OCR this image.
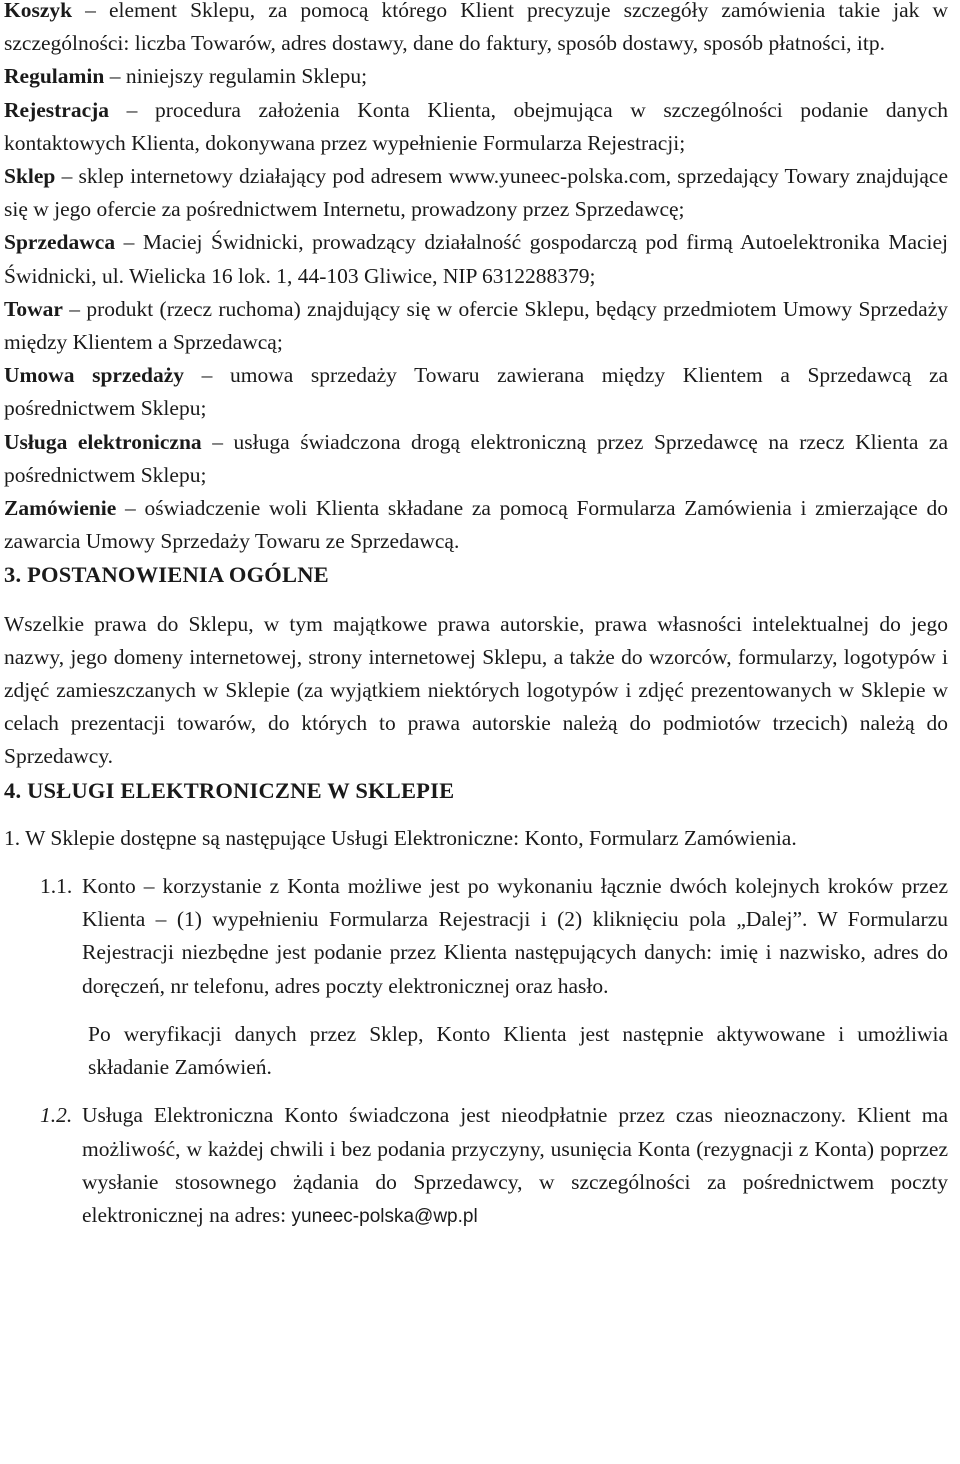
Koszyk – element Sklepu, za pomocą którego Klient precyzuje szczegóły zamówienia takie jak w szczególności: liczba Towarów, adres dostawy, dane do faktury, sposób dostawy, sposób płatności, itp.

Regulamin – niniejszy regulamin Sklepu;

Rejestracja – procedura założenia Konta Klienta, obejmująca w szczególności podanie danych kontaktowych Klienta, dokonywana przez wypełnienie Formularza Rejestracji;

Sklep – sklep internetowy działający pod adresem www.yuneec-polska.com, sprzedający Towary znajdujące się w jego ofercie za pośrednictwem Internetu, prowadzony przez Sprzedawcę;

Sprzedawca – Maciej Świdnicki, prowadzący działalność gospodarczą pod firmą Autoelektronika Maciej Świdnicki, ul. Wielicka 16 lok. 1, 44-103 Gliwice, NIP 6312288379;

Towar – produkt (rzecz ruchoma) znajdujący się w ofercie Sklepu, będący przedmiotem Umowy Sprzedaży między Klientem a Sprzedawcą;

Umowa sprzedaży – umowa sprzedaży Towaru zawierana między Klientem a Sprzedawcą za pośrednictwem Sklepu;

Usługa elektroniczna – usługa świadczona drogą elektroniczną przez Sprzedawcę na rzecz Klienta za pośrednictwem Sklepu;

Zamówienie – oświadczenie woli Klienta składane za pomocą Formularza Zamówienia i zmierzające do zawarcia Umowy Sprzedaży Towaru ze Sprzedawcą.

3. POSTANOWIENIA OGÓLNE

Wszelkie prawa do Sklepu, w tym majątkowe prawa autorskie, prawa własności intelektualnej do jego nazwy, jego domeny internetowej, strony internetowej Sklepu, a także do wzorców, formularzy, logotypów i zdjęć zamieszczanych w Sklepie (za wyjątkiem niektórych logotypów i zdjęć prezentowanych w Sklepie w celach prezentacji towarów, do których to prawa autorskie należą do podmiotów trzecich) należą do Sprzedawcy.

4. USŁUGI ELEKTRONICZNE W SKLEPIE

1. W Sklepie dostępne są następujące Usługi Elektroniczne: Konto, Formularz Zamówienia.

1.1. Konto – korzystanie z Konta możliwe jest po wykonaniu łącznie dwóch kolejnych kroków przez Klienta – (1) wypełnieniu Formularza Rejestracji i (2) kliknięciu pola „Dalej”. W Formularzu Rejestracji niezbędne jest podanie przez Klienta następujących danych: imię i nazwisko, adres do doręczeń, nr telefonu, adres poczty elektronicznej oraz hasło.

Po weryfikacji danych przez Sklep, Konto Klienta jest następnie aktywowane i umożliwia składanie Zamówień.

1.2. Usługa Elektroniczna Konto świadczona jest nieodpłatnie przez czas nieoznaczony. Klient ma możliwość, w każdej chwili i bez podania przyczyny, usunięcia Konta (rezygnacji z Konta) poprzez wysłanie stosownego żądania do Sprzedawcy, w szczególności za pośrednictwem poczty elektronicznej na adres: yuneec-polska@wp.pl
